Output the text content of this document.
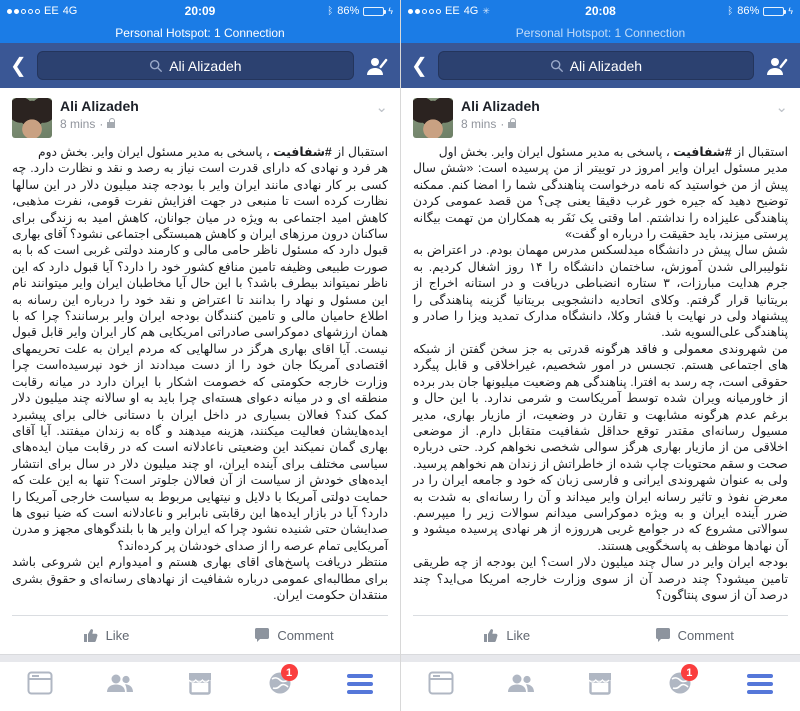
EE 4G	20:09	ᛒ 86%	ϟ
Personal Hotspot: 1 Connection
❮	Ali Alizadeh
Ali Alizadeh
8 mins ·
⌄

استقبال از #شفافیت ، پاسخی به مدیر مسئول ایران وایر. بخش دوم

هر فرد و نهادی که دارای قدرت است نیاز به رصد و نقد و نظارت دارد. چه کسی بر کار نهادی مانند ایران وایر با بودجه چند میلیون دلار در این سالها نظارت کرده است تا منبعی در جهت افزایش نفرت قومی، نفرت مذهبی، کاهش امید اجتماعی به ویژه در میان جوانان، کاهش امید به زندگی برای ساکنان درون مرزهای ایران و کاهش همبستگی اجتماعی نشود؟ آقای بهاری قبول دارد که مسئول ناظر حامی مالی و کارمند دولتی غربی است که با به صورت طبیعی وظیفه تامین منافع کشور خود را دارد؟ آیا قبول دارد که این ناظر نمیتواند بیطرف باشد؟ با این حال آیا مخاطبان ایران وایر میتوانند نام این مسئول و نهاد را بدانند تا اعتراض و نقد خود را درباره این رسانه به اطلاع حامیان مالی و تامین کنندگان بودجه ایران وایر برسانند؟ چرا که با همان ارزشهای دموکراسی صادراتی امریکایی هم کار ایران وایر قابل قبول نیست. آیا اقای بهاری هرگز در سالهایی که مردم ایران به علت تحریمهای اقتصادی آمریکا جان خود را از دست میدادند از خود نپرسیده‌است چرا وزارت خارجه حکومتی که خصومت اشکار با ایران دارد در میانه رقابت منطقه ای و در میانه دعوای هسته‌ای چرا باید به او سالانه چند میلیون دلار کمک کند؟ فعالان بسیاری در داخل ایران با دستانی خالی برای پیشبرد ایده‌هایشان فعالیت میکنند، هزینه میدهند و گاه به زندان میفتند. آیا آقای بهاری گمان نمیکند این وضعیتی ناعادلانه است که در رقابت میان ایده‌های سیاسی مختلف برای آینده ایران، او چند میلیون دلار در سال برای انتشار ایده‌های خودش از سیاست از آن فعالان جلوتر است؟ تنها به این علت که حمایت دولتی آمریکا با دلایل و نیتهایی مربوط به سیاست خارجی آمریکا را دارد؟ آیا در بازار ایده‌ها این رقابتی نابرابر و ناعادلانه است که ضیا نبوی ها صدایشان حتی شنیده نشود چرا که ایران وایر ها با بلندگوهای مجهز و مدرن آمریکایی تمام عرصه را از صدای خودشان پر کرده‌اند؟

منتظر دریافت پاسخ‌های اقای بهاری هستم و امیدوارم این شروعی باشد برای مطالبه‌ای عمومی درباره شفافیت از نهادهای رسانه‌ای و حقوق بشری منتقدان حکومت ایران.

Like	Comment
1
EE 4G ✳	20:08	ᛒ 86%	ϟ
Personal Hotspot: 1 Connection
❮	Ali Alizadeh
Ali Alizadeh
8 mins ·
⌄

استقبال از #شفافیت ، پاسخی به مدیر مسئول ایران وایر. بخش اول

مدیر مسئول ایران وایر امروز در توییتر از من پرسیده است: «شش سال پیش از من خواستید که نامه درخواست پناهندگی شما را امضا کنم. ممکنه توضیح دهید که جیره خور غرب دقیقا یعنی چی؟ من قصد عمومی کردن پناهندگی علیزاده را نداشتم. اما وقتی یک نَفَر به همکاران من تهمت بیگانه پرستی میزند، باید حقیقت را درباره او گفت»

شش سال پیش در دانشگاه میدلسکس مدرس مهمان بودم. در اعتراض به نئولیبرالی شدن آموزش، ساختمان دانشگاه را ۱۴ روز اشغال کردیم. به جرم هدایت مبارزات، ۳ ستاره انضباطی دریافت و در استانه اخراج از بریتانیا قرار گرفتم. وکلای اتحادیه دانشجویی بریتانیا گزینه پناهندگی را پیشنهاد ولی در نهایت با فشار وکلا، دانشگاه مدارک تمدید ویزا را صادر و پناهندگی علی‌السویه شد.

من شهروندی معمولی و فاقد هرگونه قدرتی به جز سخن گفتن از شبکه های اجتماعی هستم. تجسس در امور شخصیم، غیراخلاقی و قابل پیگرد حقوقی است، چه رسد به افترا. پناهندگی هم وضعیت میلیونها جان بدر برده از خاورمیانه ویران شده توسط آمریکاست و شرمی ندارد. با این حال و برغم عدم هرگونه مشابهت و تقارن در وضعیت، از مازیار بهاری، مدیر مسیول رسانه‌ای مقتدر توقع حداقل شفافیت متقابل دارم. از موضعی اخلاقی من از مازیار بهاری هرگز سوالی شخصی نخواهم کرد. حتی درباره صحت و سقم محتویات چاپ شده از خاطراتش از زندان هم نخواهم پرسید. ولی به عنوان شهروندی ایرانی و فارسی زبان که خود و جامعه ایران را در معرض نفوذ و تاثیر رسانه ایران وایر میداند و آن را رسانه‌ای به شدت به ضرر آینده ایران و به ویژه دموکراسی میدانم سوالات زیر را میپرسم. سوالاتی مشروع که در جوامع غربی هرروزه از هر نهادی پرسیده میشود و آن نهادها موظف به پاسخگویی هستند.

بودجه ایران وایر در سال چند میلیون دلار است؟ این بودجه از چه طریقی تامین میشود؟ چند درصد آن از سوی وزارت خارجه امریکا می‌اید؟ چند درصد آن از سوی پنتاگون؟

Like	Comment
1
